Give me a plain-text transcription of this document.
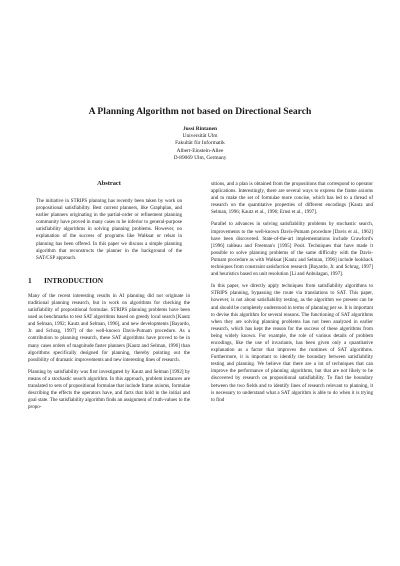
A Planning Algorithm not based on Directional Search
Jussi Rintanen
Universität Ulm
Fakultät für Informatik
Albert-Einstein-Allee
D-89069 Ulm, Germany
Abstract

The initiative in STRIPS planning has recently been taken by work on propositional satisfiability. Best current planners, like Graphplan, and earlier planners originating in the partial-order or refinement planning community have proved in many cases to be inferior to general-purpose satisfiability algorithms in solving planning problems. However, no explanation of the success of programs like Walksat or relsat in planning has been offered. In this paper we discuss a simple planning algorithm that reconstructs the planner in the background of the SAT/CSP approach.

1 INTRODUCTION

Many of the recent interesting results in AI planning did not originate in traditional planning research, but in work on algorithms for checking the satisfiability of propositional formulae. STRIPS planning problems have been used as benchmarks to test SAT algorithms based on greedy local search [Kautz and Selman, 1992; Kautz and Selman, 1996], and new developments [Bayardo, Jr. and Schrag, 1997] of the well-known Davis-Putnam procedure. As a contribution to planning research, these SAT algorithms have proved to be in many cases orders of magnitude faster planners [Kautz and Selman, 1996] than algorithms specifically designed for planning, thereby pointing out the possibility of dramatic improvements and new interesting lines of research.

Planning by satisfiability was first investigated by Kautz and Selman [1992] by means of a stochastic search algorithm. In this approach, problem instances are translated to sets of propositional formulae that include frame axioms, formulae describing the effects the operators have, and facts that hold in the initial and goal state. The satisfiability algorithm finds an assignment of truth-values to the propo-

sitions, and a plan is obtained from the propositions that correspond to operator applications. Interestingly, there are several ways to express the frame axioms and to make the set of formulae more concise, which has led to a thread of research on the quantitative properties of different encodings [Kautz and Selman, 1996; Kautz et al., 1996; Ernst et al., 1997].

Parallel to advances in solving satisfiability problems by stochastic search, improvements to the well-known Davis-Putnam procedure [Davis et al., 1962] have been discovered. State-of-the-art implementations include Crawford's [1996] tableau and Freeman's [1995] Posit. Techniques that have made it possible to solve planning problems of the same difficulty with the Davis-Putnam procedure as with Walksat [Kautz and Selman, 1996] include lookback techniques from constraint satisfaction research [Bayardo, Jr. and Schrag, 1997] and heuristics based on unit resolution [Li and Anbulagan, 1997].

In this paper, we directly apply techniques from satisfiability algorithms to STRIPS planning, bypassing the route via translations to SAT. This paper, however, is not about satisfiability testing, as the algorithm we present can be and should be completely understood in terms of planning per se. It is important to devise this algorithm for several reasons. The functioning of SAT algorithms when they are solving planning problems has not been analyzed in earlier research, which has kept the reason for the success of these algorithms from being widely known. For example, the role of various details of problem encodings, like the use of invariants, has been given only a quantitative explanation as a factor that improves the runtimes of SAT algorithms. Furthermore, it is important to identify the boundary between satisfiability testing and planning. We believe that there are a lot of techniques that can improve the performance of planning algorithms, but that are not likely to be discovered by research on propositional satisfiability. To find the boundary between the two fields and to identify lines of research relevant to planning, it is necessary to understand what a SAT algorithm is able to do when it is trying to find
